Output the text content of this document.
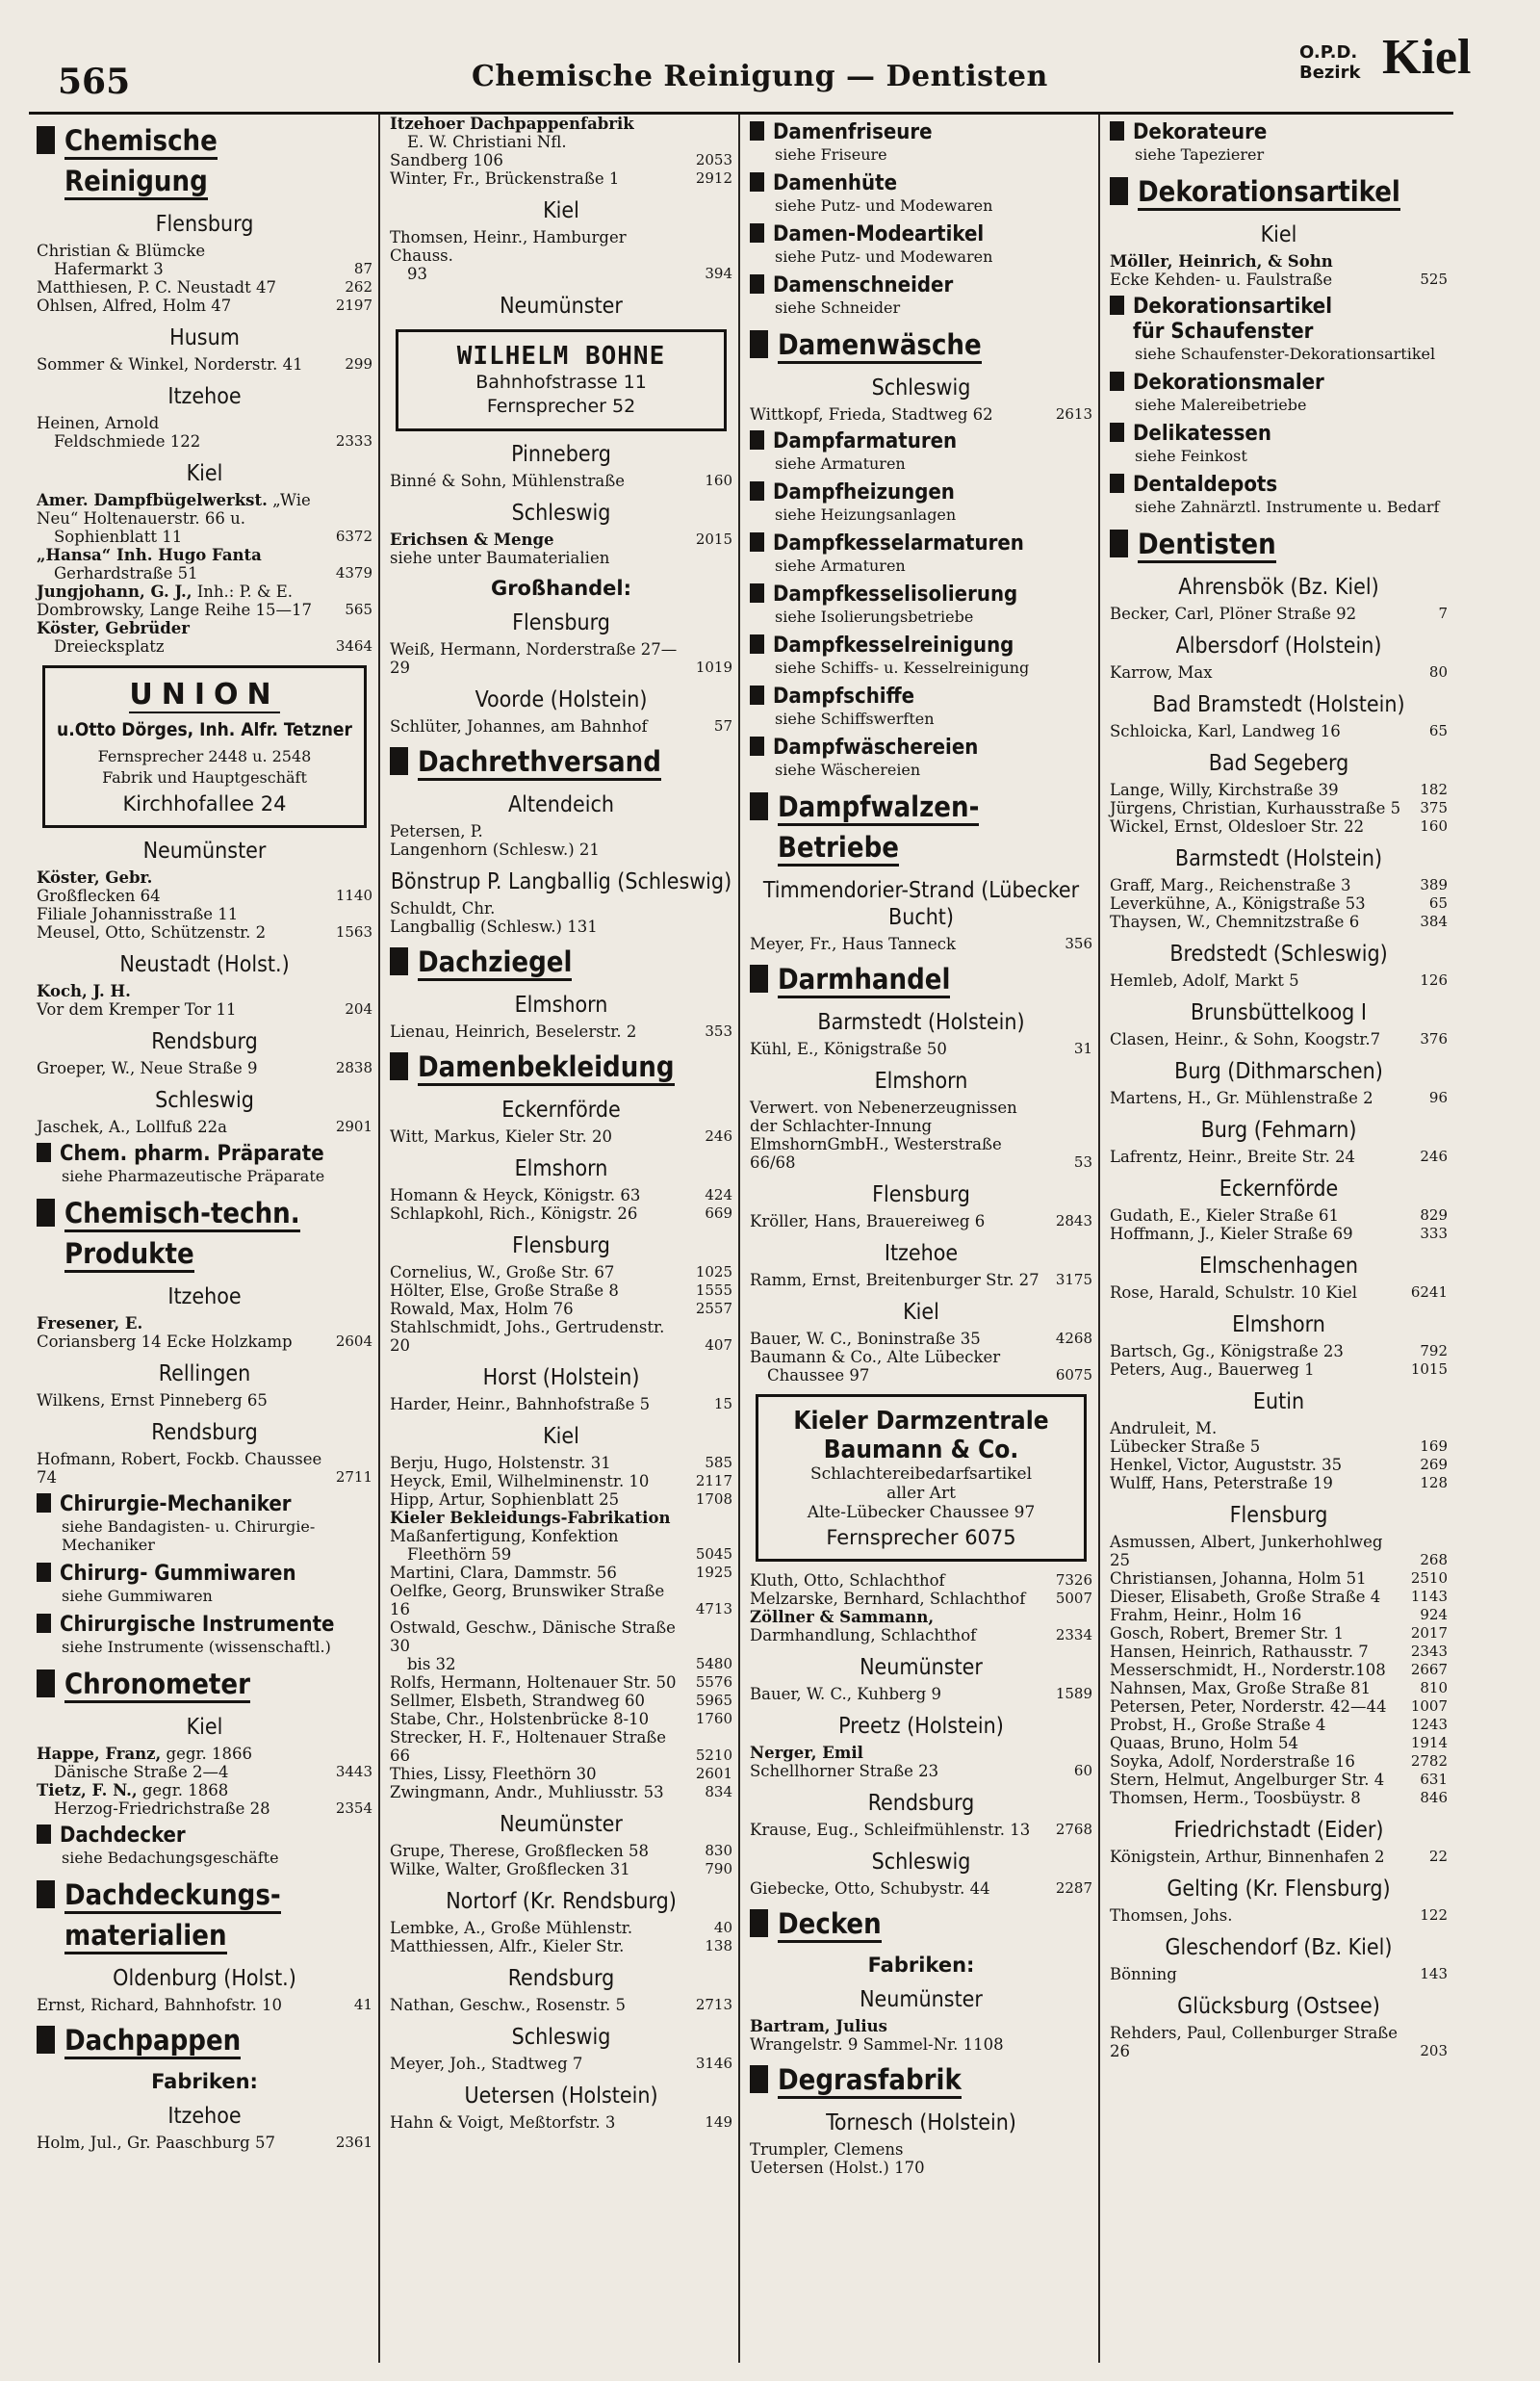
565	Chemische Reinigung — Dentisten
O.P.D.
Bezirk Kiel
Chemische
Reinigung
Flensburg
Christian & Blümcke
Hafermarkt 3	87
Matthiesen, P. C. Neustadt 47	262
Ohlsen, Alfred, Holm 47	2197
Husum
Sommer & Winkel, Norderstr. 41	299
Itzehoe
Heinen, Arnold
Feldschmiede 122	2333
Kiel
Amer. Dampfbügelwerkst. „Wie Neu“ Holtenauerstr. 66 u.
Sophienblatt 11	6372
„Hansa“ Inh. Hugo Fanta
Gerhardstraße 51	4379
Jungjohann, G. J., Inh.: P. & E.
Dombrowsky, Lange Reihe 15—17 565
Köster, Gebrüder
Dreiecksplatz	3464
UNION
u.Otto Dörges, Inh. Alfr. Tetzner
Fernsprecher 2448 u. 2548
Fabrik und Hauptgeschäft
Kirchhofallee 24
Neumünster
Köster, Gebr.
Großflecken 64	1140
Filiale Johannisstraße 11
Meusel, Otto, Schützenstr. 2	1563
Neustadt (Holst.)
Koch, J. H.
Vor dem Kremper Tor 11	204
Rendsburg
Groeper, W., Neue Straße 9	2838
Schleswig
Jaschek, A., Lollfuß 22a	2901
Chem. pharm. Präparate
siehe Pharmazeutische Präparate
Chemisch-techn.
Produkte
Itzehoe
Fresener, E.
Coriansberg 14 Ecke Holzkamp	2604
Rellingen
Wilkens, Ernst Pinneberg 65
Rendsburg
Hofmann, Robert, Fockb. Chaussee 74	2711
Chirurgie-Mechaniker
siehe Bandagisten- u. Chirurgie-Mechaniker
Chirurg- Gummiwaren
siehe Gummiwaren
Chirurgische Instrumente
siehe Instrumente (wissenschaftl.)
Chronometer
Kiel
Happe, Franz, gegr. 1866
Dänische Straße 2—4	3443
Tietz, F. N., gegr. 1868
Herzog-Friedrichstraße 28	2354
Dachdecker
siehe Bedachungsgeschäfte
Dachdeckungs-
materialien
Oldenburg (Holst.)
Ernst, Richard, Bahnhofstr. 10	41
Dachpappen
Fabriken:
Itzehoe
Holm, Jul., Gr. Paaschburg 57	2361
Itzehoer Dachpappenfabrik
E. W. Christiani Nfl.
Sandberg 106	2053
Winter, Fr., Brückenstraße 1	2912
Kiel
Thomsen, Heinr., Hamburger Chauss.
93	394
Neumünster
WILHELM BOHNE
Bahnhofstrasse 11
Fernsprecher 52
Pinneberg
Binné & Sohn, Mühlenstraße	160
Schleswig
Erichsen & Menge	2015
siehe unter Baumaterialien
Großhandel:
Flensburg
Weiß, Hermann, Norderstraße 27—29	1019
Voorde (Holstein)
Schlüter, Johannes, am Bahnhof	57
Dachrethversand
Altendeich
Petersen, P.
Langenhorn (Schlesw.) 21
Bönstrup P. Langballig (Schleswig)
Schuldt, Chr.
Langballig (Schlesw.) 131
Dachziegel
Elmshorn
Lienau, Heinrich, Beselerstr. 2	353
Damenbekleidung
Eckernförde
Witt, Markus, Kieler Str. 20	246
Elmshorn
Homann & Heyck, Königstr. 63	424
Schlapkohl, Rich., Königstr. 26	669
Flensburg
Cornelius, W., Große Str. 67	1025
Hölter, Else, Große Straße 8	1555
Rowald, Max, Holm 76	2557
Stahlschmidt, Johs., Gertrudenstr. 20	407
Horst (Holstein)
Harder, Heinr., Bahnhofstraße 5	15
Kiel
Berju, Hugo, Holstenstr. 31	585
Heyck, Emil, Wilhelminenstr. 10	2117
Hipp, Artur, Sophienblatt 25	1708
Kieler Bekleidungs-Fabrikation
Maßanfertigung, Konfektion
Fleethörn 59	5045
Martini, Clara, Dammstr. 56	1925
Oelfke, Georg, Brunswiker Straße 16	4713
Ostwald, Geschw., Dänische Straße 30
bis 32	5480
Rolfs, Hermann, Holtenauer Str. 50 5576
Sellmer, Elsbeth, Strandweg 60	5965
Stabe, Chr., Holstenbrücke 8-10	1760
Strecker, H. F., Holtenauer Straße 66	5210
Thies, Lissy, Fleethörn 30	2601
Zwingmann, Andr., Muhliusstr. 53	834
Neumünster
Grupe, Therese, Großflecken 58	830
Wilke, Walter, Großflecken 31	790
Nortorf (Kr. Rendsburg)
Lembke, A., Große Mühlenstr.	40
Matthiessen, Alfr., Kieler Str.	138
Rendsburg
Nathan, Geschw., Rosenstr. 5	2713
Schleswig
Meyer, Joh., Stadtweg 7	3146
Uetersen (Holstein)
Hahn & Voigt, Meßtorfstr. 3	149
Damenfriseure
siehe Friseure
Damenhüte
siehe Putz- und Modewaren
Damen-Modeartikel
siehe Putz- und Modewaren
Damenschneider
siehe Schneider
Damenwäsche
Schleswig
Wittkopf, Frieda, Stadtweg 62	2613
Dampfarmaturen
siehe Armaturen
Dampfheizungen
siehe Heizungsanlagen
Dampfkesselarmaturen
siehe Armaturen
Dampfkesselisolierung
siehe Isolierungsbetriebe
Dampfkesselreinigung
siehe Schiffs- u. Kesselreinigung
Dampfschiffe
siehe Schiffswerften
Dampfwäschereien
siehe Wäschereien
Dampfwalzen-
Betriebe
Timmendorier-Strand (Lübecker Bucht)
Meyer, Fr., Haus Tanneck	356
Darmhandel
Barmstedt (Holstein)
Kühl, E., Königstraße 50	31
Elmshorn
Verwert. von Nebenerzeugnissen der Schlachter-Innung ElmshornGmbH., Westerstraße 66/68	53
Flensburg
Kröller, Hans, Brauereiweg 6	2843
Itzehoe
Ramm, Ernst, Breitenburger Str. 27 3175
Kiel
Bauer, W. C., Boninstraße 35	4268
Baumann & Co., Alte Lübecker
Chaussee 97	6075
Kieler Darmzentrale Baumann & Co.
Schlachtereibedarfsartikel
aller Art
Alte-Lübecker Chaussee 97
Fernsprecher 6075
Kluth, Otto, Schlachthof	7326
Melzarske, Bernhard, Schlachthof 5007
Zöllner & Sammann, Darmhandlung, Schlachthof	2334
Neumünster
Bauer, W. C., Kuhberg 9	1589
Preetz (Holstein)
Nerger, Emil
Schellhorner Straße 23	60
Rendsburg
Krause, Eug., Schleifmühlenstr. 13 2768
Schleswig
Giebecke, Otto, Schubystr. 44	2287
Decken
Fabriken:
Neumünster
Bartram, Julius
Wrangelstr. 9 Sammel-Nr. 1108
Degrasfabrik
Tornesch (Holstein)
Trumpler, Clemens
Uetersen (Holst.) 170
Dekorateure
siehe Tapezierer
Dekorationsartikel
Kiel
Möller, Heinrich, & Sohn
Ecke Kehden- u. Faulstraße	525
Dekorationsartikel
für Schaufenster
siehe Schaufenster-Dekorationsartikel
Dekorationsmaler
siehe Malereibetriebe
Delikatessen
siehe Feinkost
Dentaldepots
siehe Zahnärztl. Instrumente u. Bedarf
Dentisten
Ahrensbök (Bz. Kiel)
Becker, Carl, Plöner Straße 92	7
Albersdorf (Holstein)
Karrow, Max	80
Bad Bramstedt (Holstein)
Schloicka, Karl, Landweg 16	65
Bad Segeberg
Lange, Willy, Kirchstraße 39	182
Jürgens, Christian, Kurhausstraße 5 375
Wickel, Ernst, Oldesloer Str. 22	160
Barmstedt (Holstein)
Graff, Marg., Reichenstraße 3	389
Leverkühne, A., Königstraße 53	65
Thaysen, W., Chemnitzstraße 6	384
Bredstedt (Schleswig)
Hemleb, Adolf, Markt 5	126
Brunsbüttelkoog I
Clasen, Heinr., & Sohn, Koogstr.7	376
Burg (Dithmarschen)
Martens, H., Gr. Mühlenstraße 2	96
Burg (Fehmarn)
Lafrentz, Heinr., Breite Str. 24	246
Eckernförde
Gudath, E., Kieler Straße 61	829
Hoffmann, J., Kieler Straße 69	333
Elmschenhagen
Rose, Harald, Schulstr. 10 Kiel	6241
Elmshorn
Bartsch, Gg., Königstraße 23	792
Peters, Aug., Bauerweg 1	1015
Eutin
Andruleit, M.
Lübecker Straße 5	169
Henkel, Victor, Auguststr. 35	269
Wulff, Hans, Peterstraße 19	128
Flensburg
Asmussen, Albert, Junkerhohlweg 25	268
Christiansen, Johanna, Holm 51	2510
Dieser, Elisabeth, Große Straße 4 1143
Frahm, Heinr., Holm 16	924
Gosch, Robert, Bremer Str. 1	2017
Hansen, Heinrich, Rathausstr. 7	2343
Messerschmidt, H., Norderstr.108 2667
Nahnsen, Max, Große Straße 81	810
Petersen, Peter, Norderstr. 42—44 1007
Probst, H., Große Straße 4	1243
Quaas, Bruno, Holm 54	1914
Soyka, Adolf, Norderstraße 16	2782
Stern, Helmut, Angelburger Str. 4 631
Thomsen, Herm., Toosbüystr. 8	846
Friedrichstadt (Eider)
Königstein, Arthur, Binnenhafen 2	22
Gelting (Kr. Flensburg)
Thomsen, Johs.	122
Gleschendorf (Bz. Kiel)
Bönning	143
Glücksburg (Ostsee)
Rehders, Paul, Collenburger Straße 26	203
